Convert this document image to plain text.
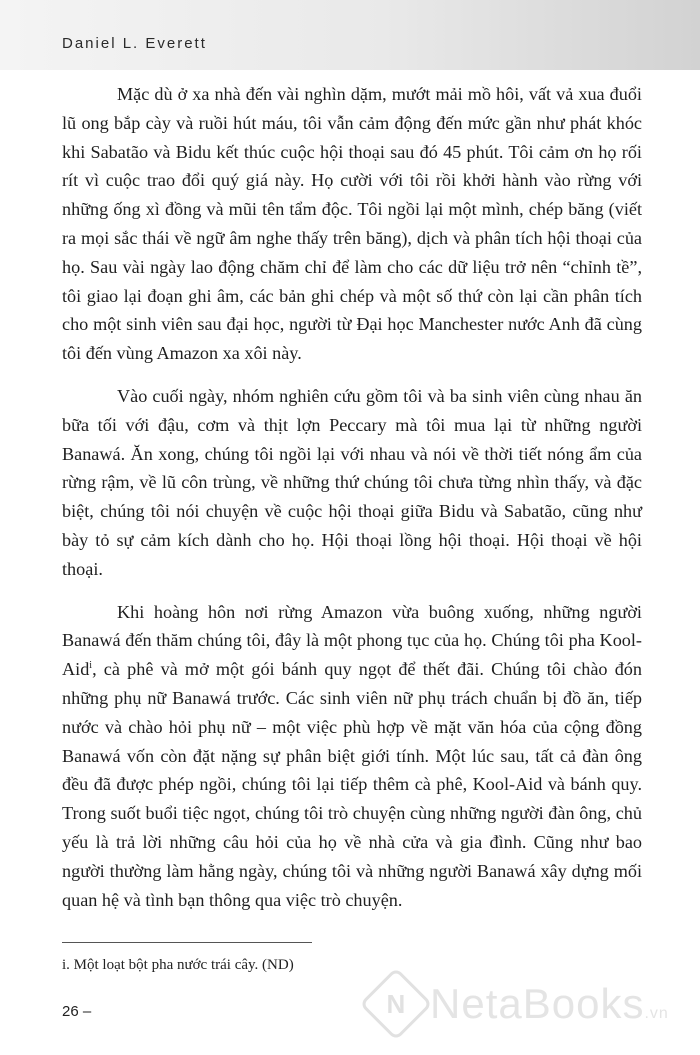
Daniel L. Everett

Mặc dù ở xa nhà đến vài nghìn dặm, mướt mải mồ hôi, vất vả xua đuổi lũ ong bắp cày và ruồi hút máu, tôi vẫn cảm động đến mức gần như phát khóc khi Sabatão và Bidu kết thúc cuộc hội thoại sau đó 45 phút. Tôi cảm ơn họ rối rít vì cuộc trao đổi quý giá này. Họ cười với tôi rồi khởi hành vào rừng với những ống xì đồng và mũi tên tẩm độc. Tôi ngồi lại một mình, chép băng (viết ra mọi sắc thái về ngữ âm nghe thấy trên băng), dịch và phân tích hội thoại của họ. Sau vài ngày lao động chăm chỉ để làm cho các dữ liệu trở nên “chỉnh tề”, tôi giao lại đoạn ghi âm, các bản ghi chép và một số thứ còn lại cần phân tích cho một sinh viên sau đại học, người từ Đại học Manchester nước Anh đã cùng tôi đến vùng Amazon xa xôi này.

Vào cuối ngày, nhóm nghiên cứu gồm tôi và ba sinh viên cùng nhau ăn bữa tối với đậu, cơm và thịt lợn Peccary mà tôi mua lại từ những người Banawá. Ăn xong, chúng tôi ngồi lại với nhau và nói về thời tiết nóng ẩm của rừng rậm, về lũ côn trùng, về những thứ chúng tôi chưa từng nhìn thấy, và đặc biệt, chúng tôi nói chuyện về cuộc hội thoại giữa Bidu và Sabatão, cũng như bày tỏ sự cảm kích dành cho họ. Hội thoại lồng hội thoại. Hội thoại về hội thoại.

Khi hoàng hôn nơi rừng Amazon vừa buông xuống, những người Banawá đến thăm chúng tôi, đây là một phong tục của họ. Chúng tôi pha Kool-Aid$^i$, cà phê và mở một gói bánh quy ngọt để thết đãi. Chúng tôi chào đón những phụ nữ Banawá trước. Các sinh viên nữ phụ trách chuẩn bị đồ ăn, tiếp nước và chào hỏi phụ nữ – một việc phù hợp về mặt văn hóa của cộng đồng Banawá vốn còn đặt nặng sự phân biệt giới tính. Một lúc sau, tất cả đàn ông đều đã được phép ngồi, chúng tôi lại tiếp thêm cà phê, Kool-Aid và bánh quy. Trong suốt buổi tiệc ngọt, chúng tôi trò chuyện cùng những người đàn ông, chủ yếu là trả lời những câu hỏi của họ về nhà cửa và gia đình. Cũng như bao người thường làm hằng ngày, chúng tôi và những người Banawá xây dựng mối quan hệ và tình bạn thông qua việc trò chuyện.

i. Một loạt bột pha nước trái cây. (ND)
26 –	N NetaBooks.vn
